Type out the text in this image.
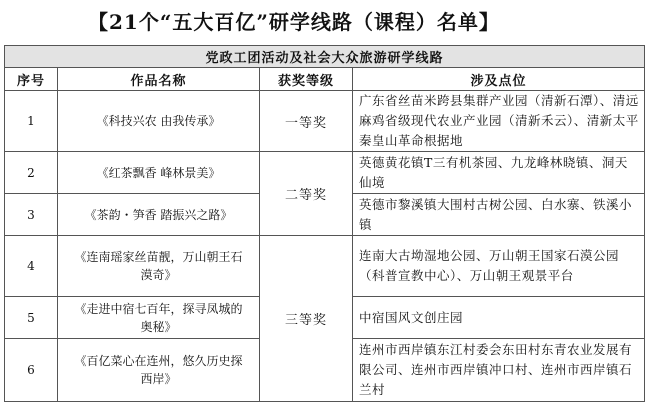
【21个“五大百亿”研学线路（课程）名单】
党政工团活动及社会大众旅游研学线路			
序号	作品名称	获奖等级	涉及点位
1	《科技兴农 由我传承》	一等奖	广东省丝苗米跨县集群产业园（清新石潭）、清远麻鸡省级现代农业产业园（清新禾云）、清新太平秦皇山革命根据地
2	《红茶飘香 峰林景美》	二等奖	英德黄花镇T三有机茶园、九龙峰林晓镇、洞天仙境
3	《茶韵・笋香 踏振兴之路》		英德市黎溪镇大围村古树公园、白水寨、铁溪小镇
4	《连南瑶家丝苗靓，万山朝王石漠奇》	三等奖	连南大古坳湿地公园、万山朝王国家石漠公园（科普宣教中心）、万山朝王观景平台
5	《走进中宿七百年，探寻凤城的奥秘》		中宿国风文创庄园
6	《百亿菜心在连州，悠久历史探西岸》		连州市西岸镇东江村委会东田村东青农业发展有限公司、连州市西岸镇冲口村、连州市西岸镇石兰村
